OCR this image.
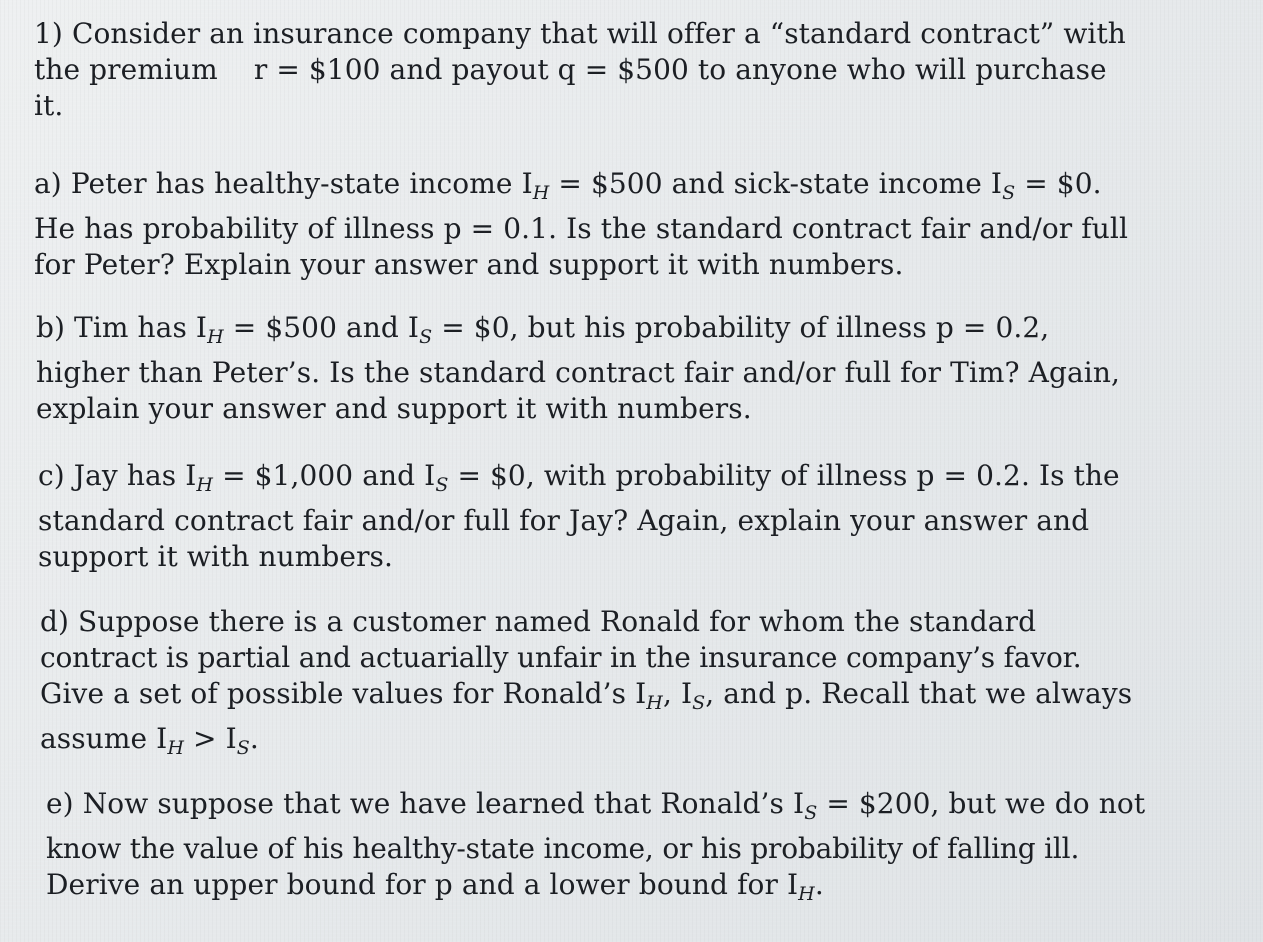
1) Consider an insurance company that will offer a “standard contract” with
the premium r = $100 and payout q = $500 to anyone who will purchase
it.
a) Peter has healthy-state income $I_H$ = $500 and sick-state income $I_S$ = $0.
He has probability of illness p = 0.1. Is the standard contract fair and/or full
for Peter? Explain your answer and support it with numbers.
b) Tim has $I_H$ = $500 and $I_S$ = $0, but his probability of illness p = 0.2,
higher than Peter’s. Is the standard contract fair and/or full for Tim? Again,
explain your answer and support it with numbers.
c) Jay has $I_H$ = $1,000 and $I_S$ = $0, with probability of illness p = 0.2. Is the
standard contract fair and/or full for Jay? Again, explain your answer and
support it with numbers.
d) Suppose there is a customer named Ronald for whom the standard
contract is partial and actuarially unfair in the insurance company’s favor.
Give a set of possible values for Ronald’s $I_H$, $I_S$, and p. Recall that we always
assume $I_H > I_S$.
e) Now suppose that we have learned that Ronald’s $I_S$ = $200, but we do not
know the value of his healthy-state income, or his probability of falling ill.
Derive an upper bound for p and a lower bound for $I_H$.
